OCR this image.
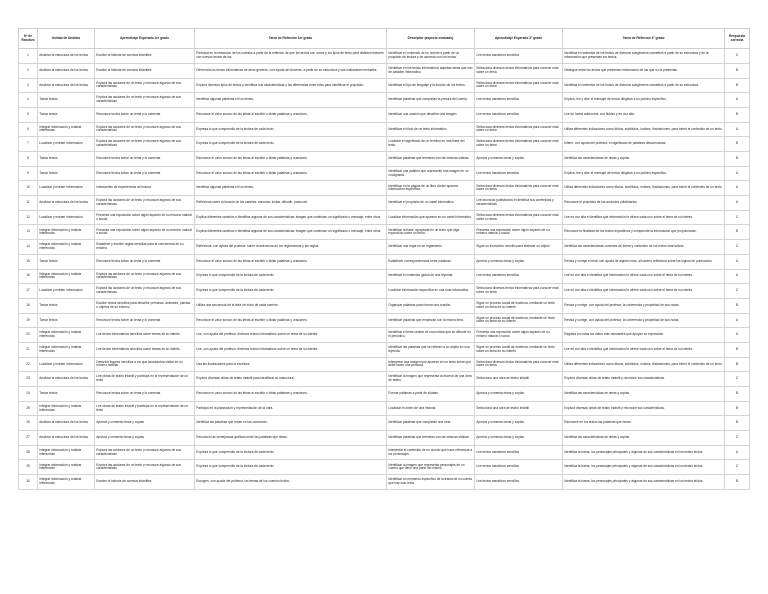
Nº de Reactivo	Unidad de Análisis	Aprendizaje Esperado 1er grado	Tarea de Reflexión 1er grado	Descriptor (aspecto evaluado)	Aprendizaje Esperado 3° grado	Tarea de Reflexión 3° grado	Respuesta correcta
1	Analizar la estructura de los textos	Escribe la historia de cuentos infantiles	Participa en la redacción de los cuentos a partir de la reflexión de que los textos con voces y los tipos de texto para distintos lectores con nuevos textos de los.	Identificar el contenido de un cuento a partir de un propósito de lectura y de acuerdo con los textos.	Lee textos narrativos sencillos	Identifica el contenido de los textos de diversos subgéneros narrativos a partir de su estructura y de la información que presentan los textos.	C
2	Analizar la estructura de los textos	Escribe la historia de cuentos infantiles	Diferencia los textos informativos de otros géneros, con ayuda del docente, a partir de su estructura y sus indicadores textuales.	Identificar en los textos informativos aquellas ideas que son de carácter informativo.	Selecciona diversos textos informativos para conocer más sobre un tema	Distingue entre los textos que presentan información de los que no la presentan.	B
3	Analizar la estructura de los textos	Explora las acciones de un texto y reconoce algunos de sus características	Explora diversos tipos de textos y identifica sus características y las diferencias entre ellos para identificar el propósito.	Identificar el tipo de lenguaje y la función de los textos.	Selecciona diversos textos informativos para conocer más sobre un tema	Identifica el contenido de los textos de diversos subgéneros narrativos a partir de su estructura.	B
4	Tomar textos	Explora las acciones de un texto y reconoce algunos de sus características	Identifica algunas palabras en los textos.	Identificar palabras que completan la pretura del cuento.	Lee textos narrativos sencillos	Explica, lee y dice el mensaje de textos dirigidos a un público específico.	A
5	Tomar textos	Reconoce textos sobre un tema y lo comenta	Reconoce el valor sonoro de las letras al escribir o dictar palabras y oraciones.	Identificar una oración que describe una imagen.	Lee textos narrativos sencillos	Lee de forma autónoma, con fluidez y en voz alta.	B
6	Integrar información y realizar inferencias	Explora las acciones de un texto y reconoce algunos de sus características	Expresa lo que comprendió de la lectura de cada texto.	Identificar el título de un texto informativo.	Selecciona diversos textos informativos para conocer más sobre un tema	Utiliza diferentes indicadores como títulos, subtítulos, índices, ilustraciones, para inferir el contenido de un texto.	A
7	Localizar y extraer información	Explora las acciones de un texto y reconoce algunos de sus características	Expresa lo que comprendió de la lectura de cada texto.	Localizar el significado de un término en una frase del texto.	Selecciona diversos textos informativos para conocer más sobre un tema	Infiere, con ayuda del profesor, el significado de palabras desconocidas.	B
8	Tomar textos	Reconoce textos sobre un tema y lo comenta	Reconoce el valor sonoro de las letras al escribir o dictar palabras y oraciones.	Identificar palabras que terminan con las mismas sílabas.	Aprecia y comenta rimas y coplas	Identifica las características de rimas y coplas.	B
9	Tomar textos	Reconoce textos sobre un tema y lo comenta	Reconoce el valor sonoro de las letras al escribir o dictar palabras y oraciones.	Identificar una palabra que represente una imagen en un crucigrama.	Lee textos narrativos sencillos	Explica, lee y dice el mensaje de textos dirigidos a un público específico.	A
10	Localizar y extraer información	Intercambio de experiencias de lectura	Identifica algunas palabras en los textos.	Identificar en la página de un libro dónde aparece información específica.	Selecciona diversos textos informativos para conocer más sobre un tema	Utiliza diferentes indicadores como títulos, subtítulos, índices, ilustraciones, para inferir el contenido de un texto.	A
11	Analizar la estructura de los textos	Explora las acciones de un texto y reconoce algunos de sus características	Reflexiona sobre la función de los carteles: anunciar, invitar, difundir, promover.	Identificar el propósito de un cartel informativo.	Lee anuncios publicitarios e identifica sus contenidos y características	Reconoce el propósito de los anuncios publicitarios.	A
12	Localizar y extraer información	Presenta una exposición sobre algún aspecto de su entorno natural o social	Explica diferentes cambios e identifica algunas de sus características: imagen que combinan un significado o mensaje, entre otros.	Localizar información que aparece en un cartel informativo.	Selecciona diversos textos informativos para conocer más sobre un tema	Lee en voz alta e identifica qué información le ofrece cada uno sobre el tema de su interés.	C
13	Integrar información y realizar inferencias	Presenta una exposición sobre algún aspecto de su entorno natural o social	Explica diferentes cambios e identifica algunas de sus características: imagen que combinan un significado o mensaje, entre otros.	Identificar la frase, apropiada en un texto que diga exposición sobre un tema.	Presenta una exposición sobre algún aspecto de su entorno natural o social	Reconoce la finalidad de los textos expositivos y comprende la información que proporcionan.	B
14	Integrar información y realizar inferencias	Establece y escribe reglas sencillas para la convivencia en su entorno	Reflexiona, con ayuda del profesor, sobre la estructura de los reglamentos y las reglas.	Identificar una regla en un reglamento.	Sigue un instructivo sencillo para elaborar un objeto	Identifica las características comunes de forma y contenido de los textos instructivos.	C
15	Tomar textos	Reconoce textos sobre un tema y lo comenta	Reconoce el valor sonoro de las letras al escribir o dictar palabras y oraciones.	Establecer correspondencias entre palabras.	Aprecia y comenta rimas y coplas	Revisa y corrige el texto con ayuda de alguien más, al hacerlo reflexiona sobre los signos de puntuación.	A
16	Integrar información y realizar inferencias	Explora las acciones de un texto y reconoce algunos de sus características	Expresa lo que comprendió de la lectura de cada texto.	Identificar el contenido global de una leyenda.	Lee textos narrativos sencillos	Lee en voz alta e identifica qué información le ofrece cada uno sobre el tema de su interés.	A
17	Localizar y extraer información	Explora las acciones de un texto y reconoce algunos de sus características	Expresa lo que comprendió de la lectura de cada texto.	Localizar información específica en una nota informativa.	Selecciona diversos textos informativos para conocer más sobre un tema	Lee en voz alta e identifica qué información le ofrece cada uno sobre el tema de su interés.	C
18	Tomar textos	Escribe textos sencillos para describir personas, animales, plantas u objetos de su entorno	Utiliza una secuencia de la letra de inicio de cada nombre.	Organizar palabras para formar una oración.	Sigue un proceso social de escritura, mediante un texto sobre un tema de su interés	Revisa y corrige, con ayuda del profesor, la coherencia y propiedad de sus notas.	B
19	Tomar textos	Reconoce textos sobre un tema y lo comenta	Reconoce el valor sonoro de las letras al escribir o dictar palabras y oraciones.	Identificar palabras que empiezan con la misma letra.	Sigue un proceso social de escritura, mediante un texto sobre un tema de su interés	Revisa y corrige, con ayuda del profesor, la coherencia y propiedad de sus notas.	A
20	Integrar información y realizar inferencias	Lee textos informativos sencillos sobre temas de su interés	Lee, con ayuda del profesor, diversos textos informativos sobre un tema de su interés.	Identificar el tema central de una noticia que se difunde en el periódico.	Presenta una exposición sobre algún aspecto de su entorno natural o social	Registra en notas los datos más relevantes que apoyan su exposición.	A
21	Integrar información y realizar inferencias	Lee textos informativos sencillos sobre temas de su interés	Lee, con ayuda del profesor, diversos textos informativos sobre un tema de su interés.	Identificar las palabras que se refieren a un objeto en una leyenda.	Sigue un proceso social de escritura, mediante un texto sobre un tema de su interés	Lee en voz alta e identifica qué información le ofrece cada uno sobre el tema de su interés.	B
22	Localizar y extraer información	Describe lugares sencillos a los que acostumbra visitar en su entorno familiar	Usa las ilustraciones para la escritura.	Interpretar una imagen que aparece en un texto sobre qué debe hacer una persona.	Selecciona diversos textos informativos para conocer más sobre un tema	Utiliza diferentes indicadores como títulos, subtítulos, índices, ilustraciones, para inferir el contenido de un texto.	B
23	Analizar la estructura de los textos	Lee obras de teatro infantil y participa en la representación de un texto	Explora diversas obras de teatro infantil para identificar su estructura.	Identificar la imagen que representa la escena de una obra de teatro.	Selecciona una obra de teatro infantil	Explora diversas obras de teatro infantil y reconoce sus características.	C
24	Tomar textos	Reconoce textos sobre un tema y lo comenta	Reconoce el valor sonoro de las letras al escribir o dictar palabras y oraciones.	Formar palabras a partir de sílabas.	Aprecia y comenta rimas y coplas	Identifica las características de rimas y coplas.	B
25	Integrar información y realizar inferencias	Lee obras de teatro infantil y participa en la representación de un texto	Participa en la planeación y representación de la obra.	Localizar el orden de una historia.	Selecciona una obra de teatro infantil	Explora diversas obras de teatro infantil y reconoce sus características.	B
26	Analizar la estructura de los textos	Aprecia y comenta rimas y coplas	Identifica las palabras que riman en las canciones.	Identificar palabras que completan una rima.	Aprecia y comenta rimas y coplas	Reconoce en los textos las palabras que riman.	B
27	Analizar la estructura de los textos	Aprecia y comenta rimas y coplas	Reconoce las semejanzas gráficas entre las palabras que riman.	Identificar palabras que terminan con las mismas sílabas.	Aprecia y comenta rimas y coplas	Identifica las características de rimas y coplas.	C
28	Integrar información y realizar inferencias	Explora las acciones de un texto y reconoce algunos de sus características	Expresa lo que comprendió de la lectura de cada texto.	Interpretar el contenido de un cuento que hace referencia a los personajes.	Lee textos narrativos sencillos	Identifica la trama, los personajes principales y algunas de sus características en los textos leídos.	A
29	Integrar información y realizar inferencias	Explora las acciones de un texto y reconoce algunos de sus características	Expresa lo que comprendió de la lectura de cada texto.	Identificar la imagen que representa personajes de un cuento que tiene una parte del mismo.	Lee textos narrativos sencillos	Identifica la trama, los personajes principales y algunas de sus características en los textos leídos.	C
30	Integrar información y realizar inferencias	Escribe la historia de cuentos infantiles	Escogen, con ayuda del profesor, los temas de los cuentos leídos.	Identificar un momento específico de la trama de un cuento que hay sido leído.	Lee textos narrativos sencillos	Identifica la trama, los personajes principales y algunas de sus características en los textos leídos.	B
